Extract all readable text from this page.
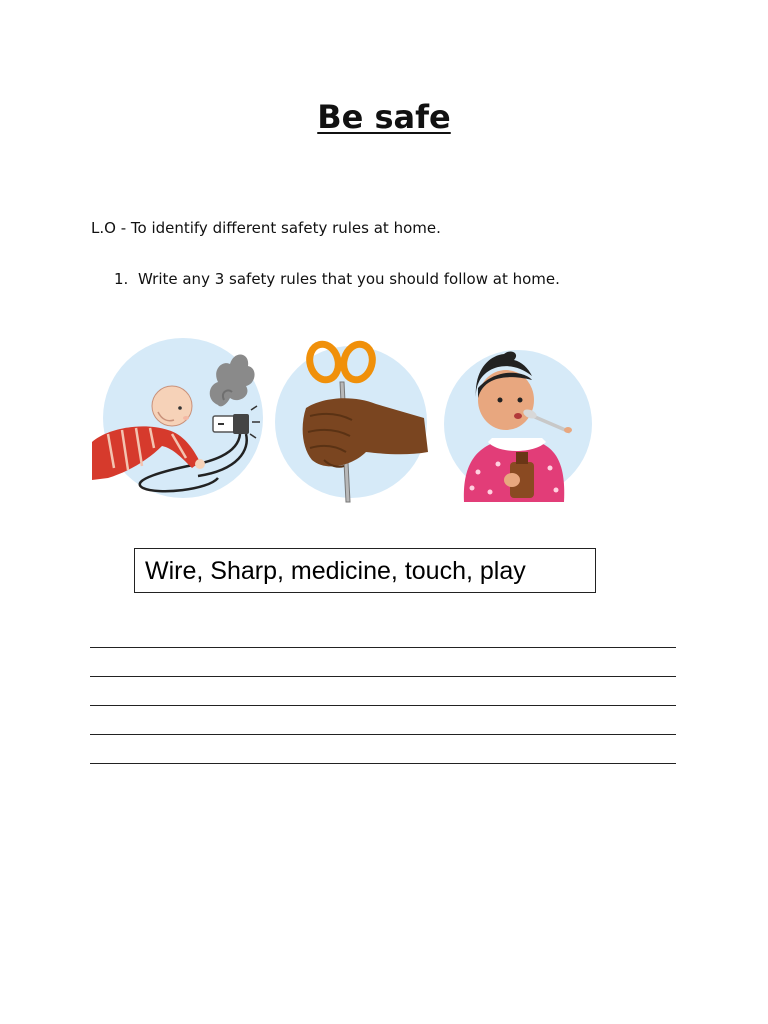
Be safe

L.O - To identify different safety rules at home.

1. Write any 3 safety rules that you should follow at home.

Wire, Sharp, medicine, touch, play
